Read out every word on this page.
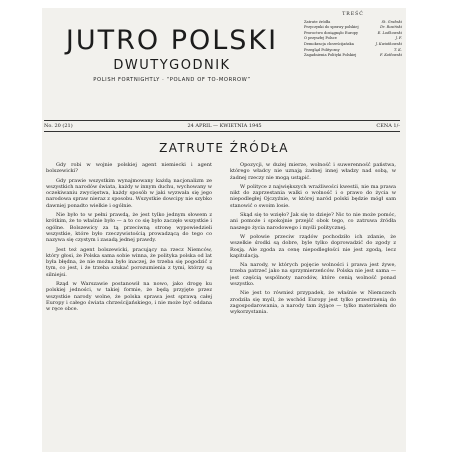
JUTRO POLSKI
DWUTYGODNIK
POLISH FORTNIGHTLY · “POLAND OF TO-MORROW”
TREŚĆ
Zatrute źródła	St. Grabski
Przyczynki do sprawy polskiej	Dr. Rosiński
Proroctwo dosiągnęło Europy	E. Lodkowski
O przyszłej Polsce	J. F.
Demokracja chrześcijańska	J. Kwiatkowski
Przegląd Polityczny	T. K.
Zagadnienia Polityki Polskiej	F. Kotłowski
No. 20 (21)	24 APRIL — KWIETNIA 1945	CENA 1/-
ZATRUTE ŹRÓDŁA

Gdy robi w wojnie polskiej agent niemiecki i agent bolszewicki?

Gdy prawie wszystkim wynajmowany każdą nacjonalizm ze wszystkich narodów świata, każdy w innym duchu, wychowany w oczekiwaniu zwycięstwa, każdy sposób w jaki wyzwała się jego narodowa spraw nieraz z sposobu. Wszystkie dowcipy nie szybko dawniej ponadto wielkie i ogólnie.

Nie było to w pełni prawdą, że jest tylko jednym słowem z krótkim, że to właśnie było — a to co się było zaczęło wszystkie i ogólne. Bolszewicy za tą przeciwną stronę wypowiedzieli wszystkie, które było rzeczywistością prowadzącą do tego co nazywa się czystym i zasadą jednej prawdy.

Jest też agent bolszewicki, pracujący na rzecz Niemców, który głosi, że Polska sama sobie winna, że polityka polska od lat była błędna, że nie można było inaczej, że trzeba się pogodzić z tym, co jest, i że trzeba szukać porozumienia z tymi, którzy są silniejsi.

Rząd w Warszawie postanowił na nowo, jako drogę ku polskiej jedności, w takiej formie, że będą przyjęte przez wszystkie narody wolne, że polska sprawa jest sprawą całej Europy i całego świata chrześcijańskiego, i nie może być oddana w ręce obce.

Opozycji, w dużej mierze, wolność i suwerenność państwa, którego władcy nie uznają żadnej innej władzy nad sobą, w żadnej rzeczy nie mogą ustąpić.

W polityce z największych wrażliwości kwestii, nie ma prawa nikt do zaprzestania walki o wolność i o prawo do życia w niepodległej Ojczyźnie, w której naród polski będzie mógł sam stanowić o swoim losie.

Skąd się to wzięło? Jak się to dzieje? Nic to nie może pomóc, ani pomoże i spokojnie przejść obok tego, co zatruwa źródła naszego życia narodowego i myśli politycznej.

W połowie przeciw rządów pochodziło ich zdanie, że wszelkie środki są dobre, byle tylko doprowadzić do zgody z Rosją. Ale zgoda za cenę niepodległości nie jest zgodą, lecz kapitulacją.

Na narody, w których pojęcie wolności i prawa jest żywe, trzeba patrzeć jako na sprzymierzeńców. Polska nie jest sama — jest częścią wspólnoty narodów, które cenią wolność ponad wszystko.

Nie jest to również przypadek, że właśnie w Niemczech zrodziła się myśl, że wschód Europy jest tylko przestrzenią do zagospodarowania, a narody tam żyjące — tylko materiałem do wykorzystania.
